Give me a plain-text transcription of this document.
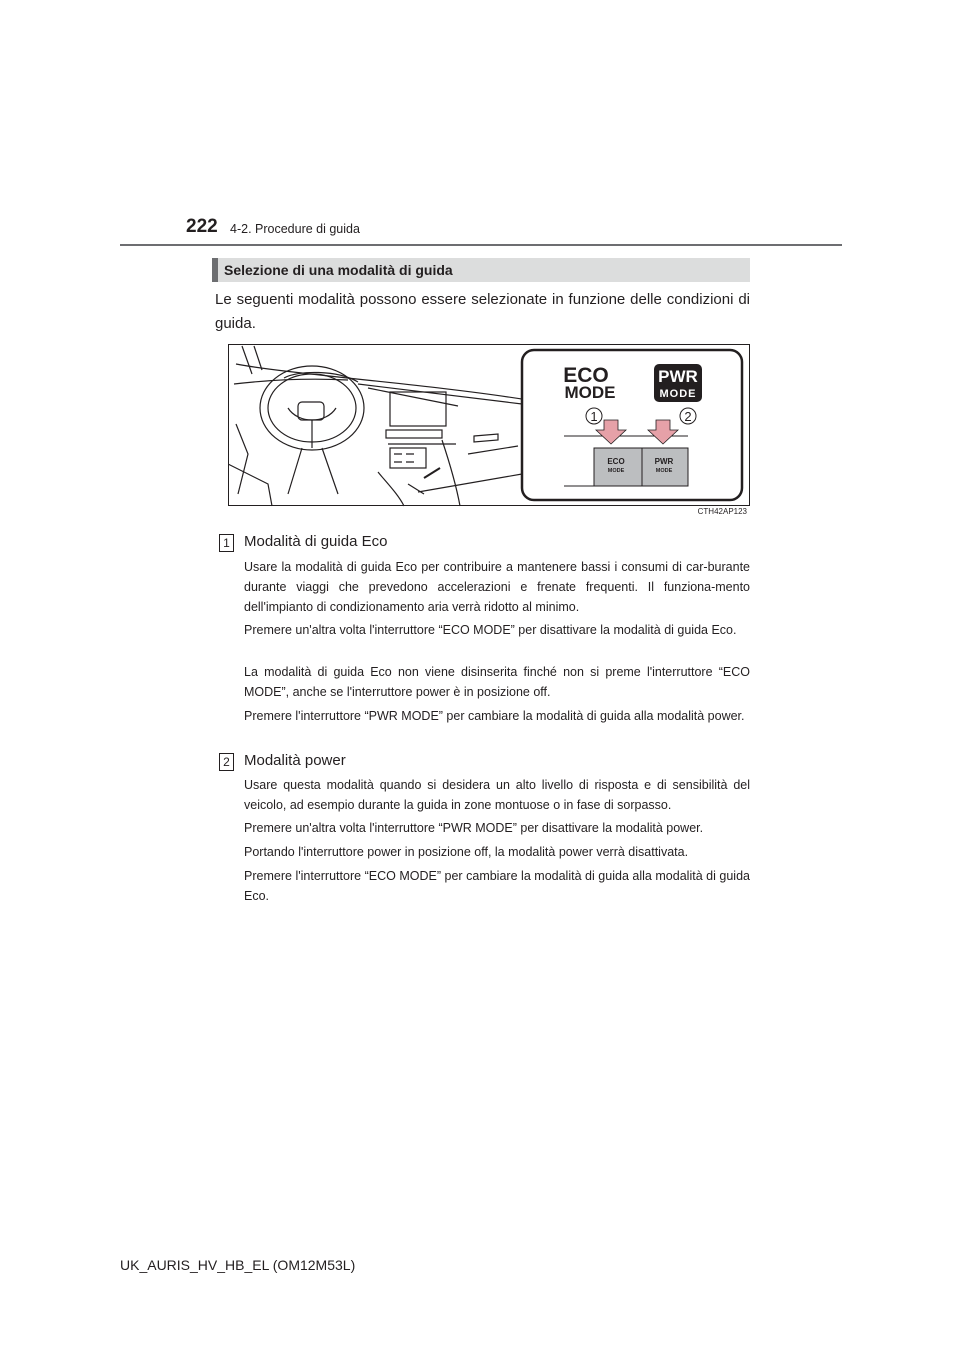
222 4-2. Procedure di guida
Selezione di una modalità di guida
Le seguenti modalità possono essere selezionate in funzione delle condizioni di guida.
1	2
ECO
MODE
PWR
MODE
ECO
MODE
PWR
MODE
CTH42AP123
1 Modalità di guida Eco
Usare la modalità di guida Eco per contribuire a mantenere bassi i consumi di car-burante durante viaggi che prevedono accelerazioni e frenate frequenti. Il funziona-mento dell'impianto di condizionamento aria verrà ridotto al minimo.
Premere un'altra volta l'interruttore “ECO MODE” per disattivare la modalità di guida Eco.
La modalità di guida Eco non viene disinserita finché non si preme l'interruttore “ECO MODE”, anche se l'interruttore power è in posizione off.
Premere l'interruttore “PWR MODE” per cambiare la modalità di guida alla modalità power.
2 Modalità power
Usare questa modalità quando si desidera un alto livello di risposta e di sensibilità del veicolo, ad esempio durante la guida in zone montuose o in fase di sorpasso.
Premere un'altra volta l'interruttore “PWR MODE” per disattivare la modalità power.
Portando l'interruttore power in posizione off, la modalità power verrà disattivata.
Premere l'interruttore “ECO MODE” per cambiare la modalità di guida alla modalità di guida Eco.
UK_AURIS_HV_HB_EL (OM12M53L)
